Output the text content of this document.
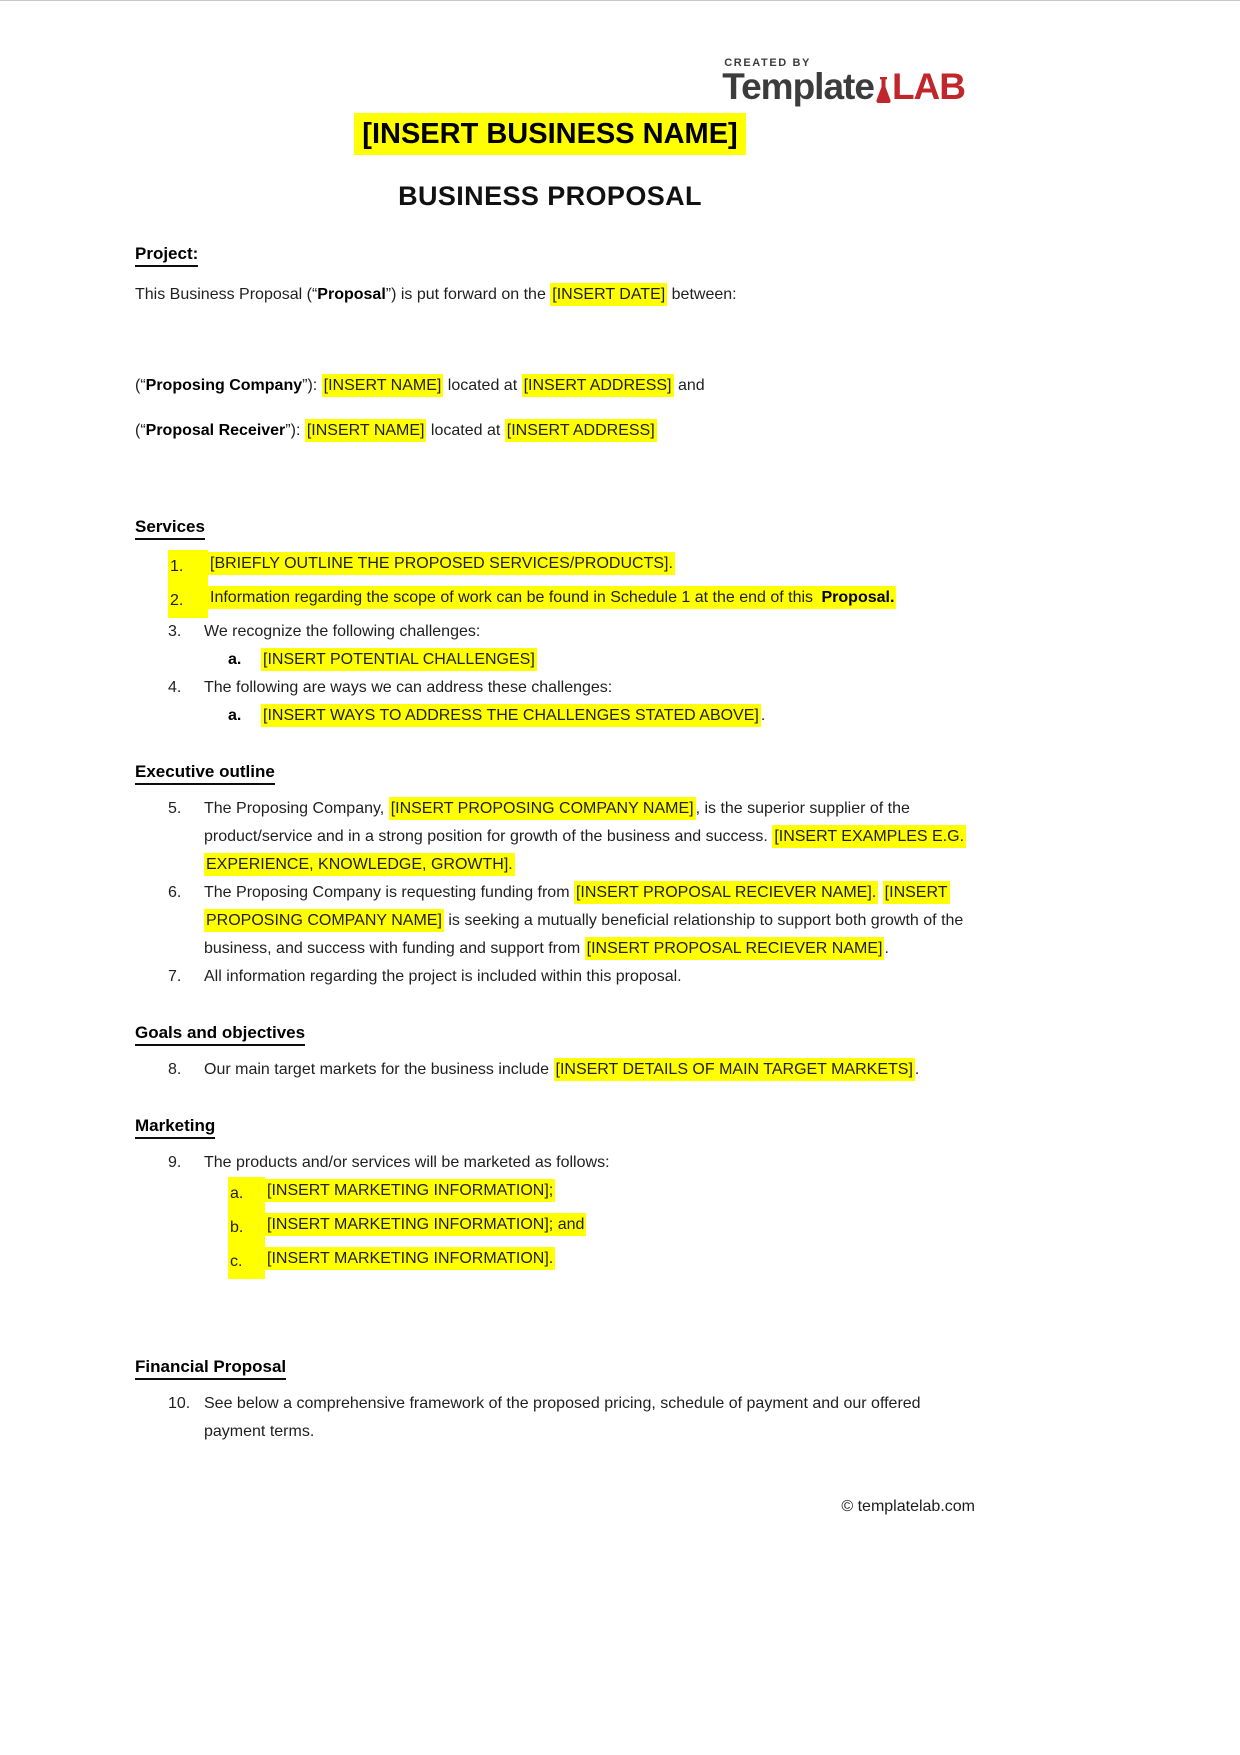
CREATED BY
Template LAB
[INSERT BUSINESS NAME]
BUSINESS PROPOSAL
Project:
This Business Proposal (“Proposal”) is put forward on the [INSERT DATE] between:
(“Proposing Company”): [INSERT NAME] located at [INSERT ADDRESS] and
(“Proposal Receiver”): [INSERT NAME] located at [INSERT ADDRESS]
Services
1.	[BRIEFLY OUTLINE THE PROPOSED SERVICES/PRODUCTS].
2.	Information regarding the scope of work can be found in Schedule 1 at the end of this Proposal.
3.	We recognize the following challenges:
a.	[INSERT POTENTIAL CHALLENGES]
4.	The following are ways we can address these challenges:
a.	[INSERT WAYS TO ADDRESS THE CHALLENGES STATED ABOVE] .
Executive outline
5.	The Proposing Company, [INSERT PROPOSING COMPANY NAME] , is the superior supplier of the product/service and in a strong position for growth of the business and success. [INSERT EXAMPLES E.G. EXPERIENCE, KNOWLEDGE, GROWTH].
6.	The Proposing Company is requesting funding from [INSERT PROPOSAL RECIEVER NAME]. [INSERT PROPOSING COMPANY NAME] is seeking a mutually beneficial relationship to support both growth of the business, and success with funding and support from [INSERT PROPOSAL RECIEVER NAME] .
7.	All information regarding the project is included within this proposal.
Goals and objectives
8.	Our main target markets for the business include [INSERT DETAILS OF MAIN TARGET MARKETS] .
Marketing
9.	The products and/or services will be marketed as follows:
a.	[INSERT MARKETING INFORMATION];
b.	[INSERT MARKETING INFORMATION]; and
c.	[INSERT MARKETING INFORMATION].
Financial Proposal
10. See below a comprehensive framework of the proposed pricing, schedule of payment and our offered payment terms.
© templatelab.com
